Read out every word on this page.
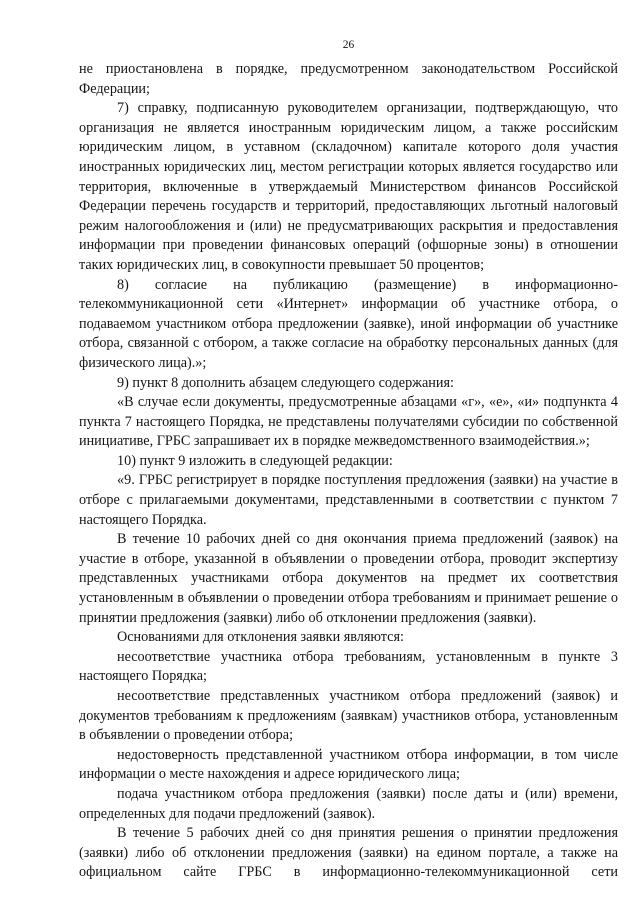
26

не приостановлена в порядке, предусмотренном законодательством Российской Федерации;

7) справку, подписанную руководителем организации, подтверждающую, что организация не является иностранным юридическим лицом, а также российским юридическим лицом, в уставном (складочном) капитале которого доля участия иностранных юридических лиц, местом регистрации которых является государство или территория, включенные в утверждаемый Министерством финансов Российской Федерации перечень государств и территорий, предоставляющих льготный налоговый режим налогообложения и (или) не предусматривающих раскрытия и предоставления информации при проведении финансовых операций (офшорные зоны) в отношении таких юридических лиц, в совокупности превышает 50 процентов;

8) согласие на публикацию (размещение) в информационно-телекоммуникационной сети «Интернет» информации об участнике отбора, о подаваемом участником отбора предложении (заявке), иной информации об участнике отбора, связанной с отбором, а также согласие на обработку персональных данных (для физического лица).»;

9) пункт 8 дополнить абзацем следующего содержания:

«В случае если документы, предусмотренные абзацами «г», «е», «и» подпункта 4 пункта 7 настоящего Порядка, не представлены получателями субсидии по собственной инициативе, ГРБС запрашивает их в порядке межведомственного взаимодействия.»;

10) пункт 9 изложить в следующей редакции:

«9. ГРБС регистрирует в порядке поступления предложения (заявки) на участие в отборе с прилагаемыми документами, представленными в соответствии с пунктом 7 настоящего Порядка.

В течение 10 рабочих дней со дня окончания приема предложений (заявок) на участие в отборе, указанной в объявлении о проведении отбора, проводит экспертизу представленных участниками отбора документов на предмет их соответствия установленным в объявлении о проведении отбора требованиям и принимает решение о принятии предложения (заявки) либо об отклонении предложения (заявки).

Основаниями для отклонения заявки являются:

несоответствие участника отбора требованиям, установленным в пункте 3 настоящего Порядка;

несоответствие представленных участником отбора предложений (заявок) и документов требованиям к предложениям (заявкам) участников отбора, установленным в объявлении о проведении отбора;

недостоверность представленной участником отбора информации, в том числе информации о месте нахождения и адресе юридического лица;

подача участником отбора предложения (заявки) после даты и (или) времени, определенных для подачи предложений (заявок).

В течение 5 рабочих дней со дня принятия решения о принятии предложения (заявки) либо об отклонении предложения (заявки) на едином портале, а также на официальном сайте ГРБС в информационно-телекоммуникационной сети
